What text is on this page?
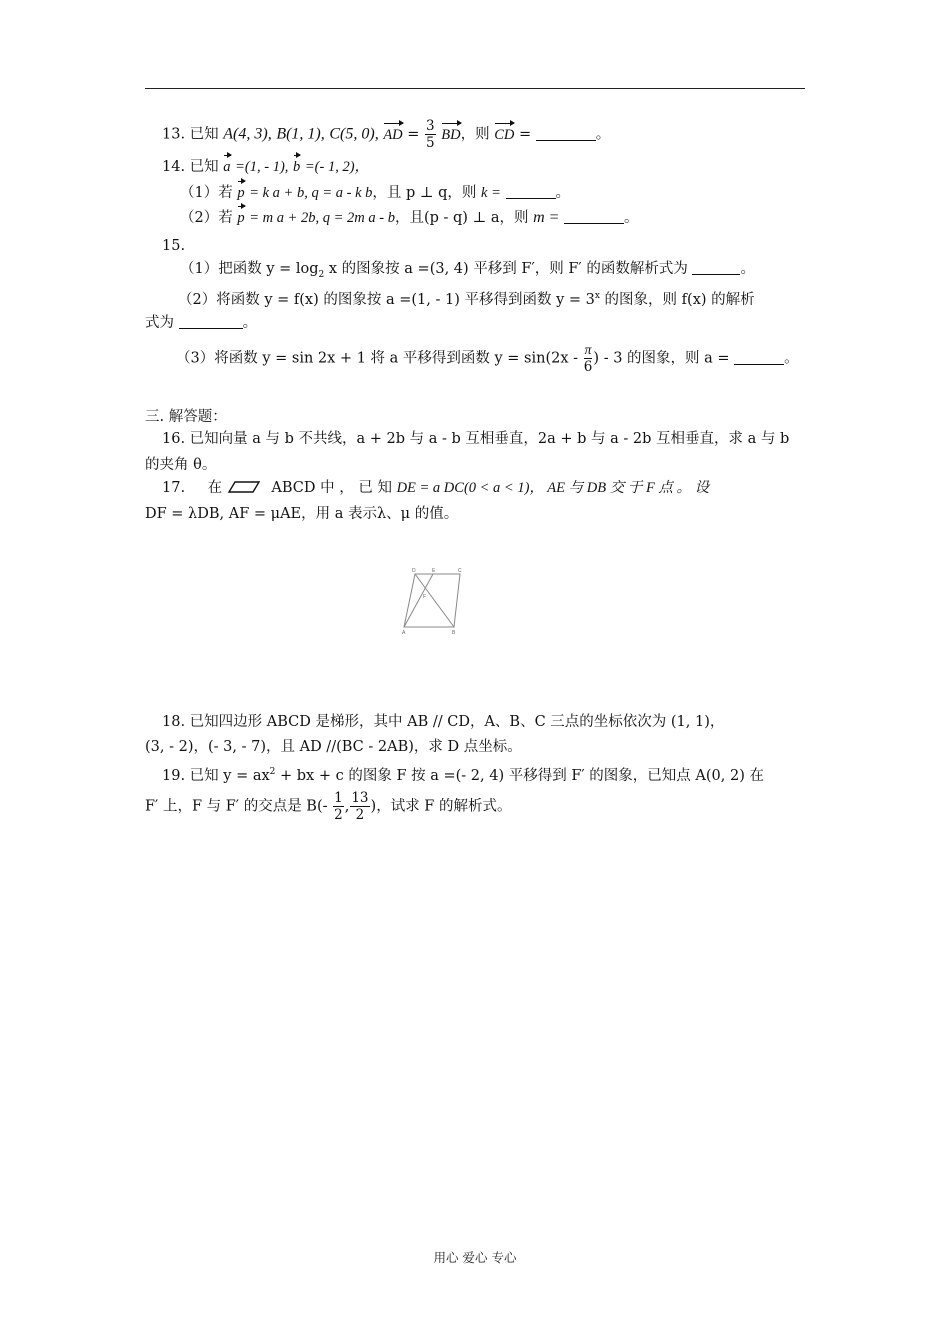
13. 已知 A(4, 3), B(1, 1), C(5, 0), AD = $\frac{3}{5}$ BD，则 CD =	。
14. 已知 a =(1, - 1), b =(- 1, 2)，
（1）若 p = k a + b, q = a - k b，且 p ⊥ q，则 k =	。
（2）若 p = m a + 2b, q = 2m a - b，且(p - q) ⊥ a，则 m =	。
15.
（1）把函数 $y = \log_2 x$ 的图象按 a =(3, 4) 平移到 F′，则 F′ 的函数解析式为	。
（2）将函数 y = f(x) 的图象按 a =(1, - 1) 平移得到函数 $y = 3^x$ 的图象，则 f(x) 的解析
式为	。
（3）将函数 y = sin 2x + 1 将 a 平移得到函数 $y = \sin(2x - \frac{\pi}{6}$ ) - 3 的图象，则 a =	。
三. 解答题：
16. 已知向量 a 与 b 不共线，a + 2b 与 a - b 互相垂直，2a + b 与 a - 2b 互相垂直，求 a 与 b
的夹角 θ。
17. 在	ABCD 中 ， 已 知 DE = a DC(0 < a < 1)， AE 与 DB 交 于 F 点 。 设
DF = λDB, AF = μAE，用 a 表示λ、μ 的值。
D	E	C
F
A	B
18. 已知四边形 ABCD 是梯形，其中 AB // CD，A、B、C 三点的坐标依次为 (1, 1)，
(3, - 2)，(- 3, - 7)，且 AD //(BC - 2AB)，求 D 点坐标。
19. 已知 $y = ax^2$ + bx + c 的图象 F 按 a =(- 2, 4) 平移得到 F′ 的图象，已知点 A(0, 2) 在
F′ 上，F 与 F′ 的交点是 $B(- \frac{1}{2}$ , $\frac{13}{2}$ )，试求 F 的解析式。
用心 爱心 专心
